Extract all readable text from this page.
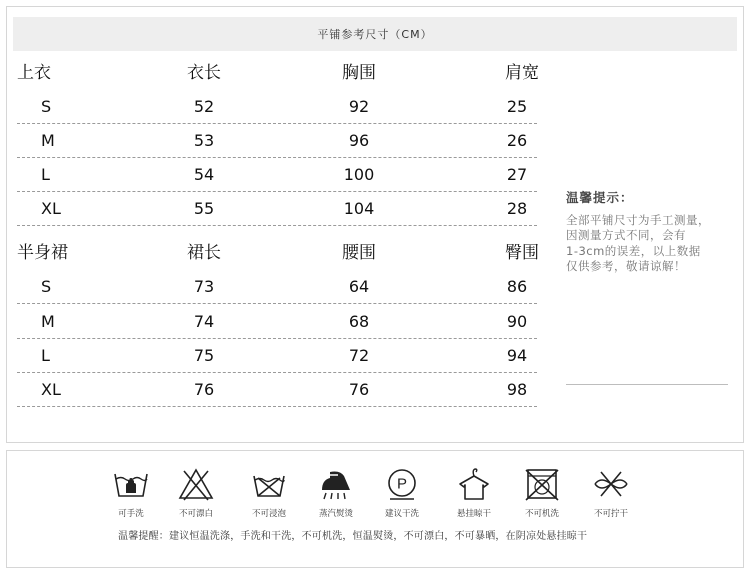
平铺参考尺寸（CM）
上衣	衣长	胸围	肩宽
S	52	92	25
M	53	96	26
L	54	100	27
XL	55	104	28
半身裙	裙长	腰围	臀围
S	73	64	86
M	74	68	90
L	75	72	94
XL	76	76	98
温馨提示：
全部平铺尺寸为手工测量，
因测量方式不同，会有
1-3cm的误差，以上数据
仅供参考，敬请谅解！
可手洗	不可漂白	不可浸泡	蒸汽熨烫
P
建议干洗	悬挂晾干	不可机洗	不可拧干
温馨提醒：建议恒温洗涤，手洗和干洗，不可机洗，恒温熨烫，不可漂白，不可暴晒，在阴凉处悬挂晾干
